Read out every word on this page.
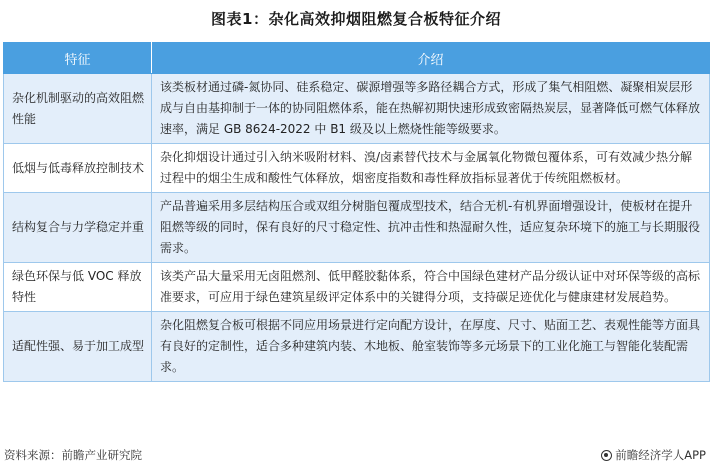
图表1：杂化高效抑烟阻燃复合板特征介绍
特征	介绍
杂化机制驱动的高效阻燃性能	该类板材通过磷-氮协同、硅系稳定、碳源增强等多路径耦合方式，形成了集气相阻燃、凝聚相炭层形成与自由基抑制于一体的协同阻燃体系，能在热解初期快速形成致密隔热炭层，显著降低可燃气体释放速率，满足 GB 8624-2022 中 B1 级及以上燃烧性能等级要求。
低烟与低毒释放控制技术	杂化抑烟设计通过引入纳米吸附材料、溴/卤素替代技术与金属氧化物微包覆体系，可有效减少热分解过程中的烟尘生成和酸性气体释放，烟密度指数和毒性释放指标显著优于传统阻燃板材。
结构复合与力学稳定并重	产品普遍采用多层结构压合或双组分树脂包覆成型技术，结合无机-有机界面增强设计，使板材在提升阻燃等级的同时，保有良好的尺寸稳定性、抗冲击性和热湿耐久性，适应复杂环境下的施工与长期服役需求。
绿色环保与低 VOC 释放特性	该类产品大量采用无卤阻燃剂、低甲醛胶黏体系，符合中国绿色建材产品分级认证中对环保等级的高标准要求，可应用于绿色建筑星级评定体系中的关键得分项，支持碳足迹优化与健康建材发展趋势。
适配性强、易于加工成型	杂化阻燃复合板可根据不同应用场景进行定向配方设计，在厚度、尺寸、贴面工艺、表观性能等方面具有良好的定制性，适合多种建筑内装、木地板、舱室装饰等多元场景下的工业化施工与智能化装配需求。
资料来源：前瞻产业研究院	前瞻经济学人APP
